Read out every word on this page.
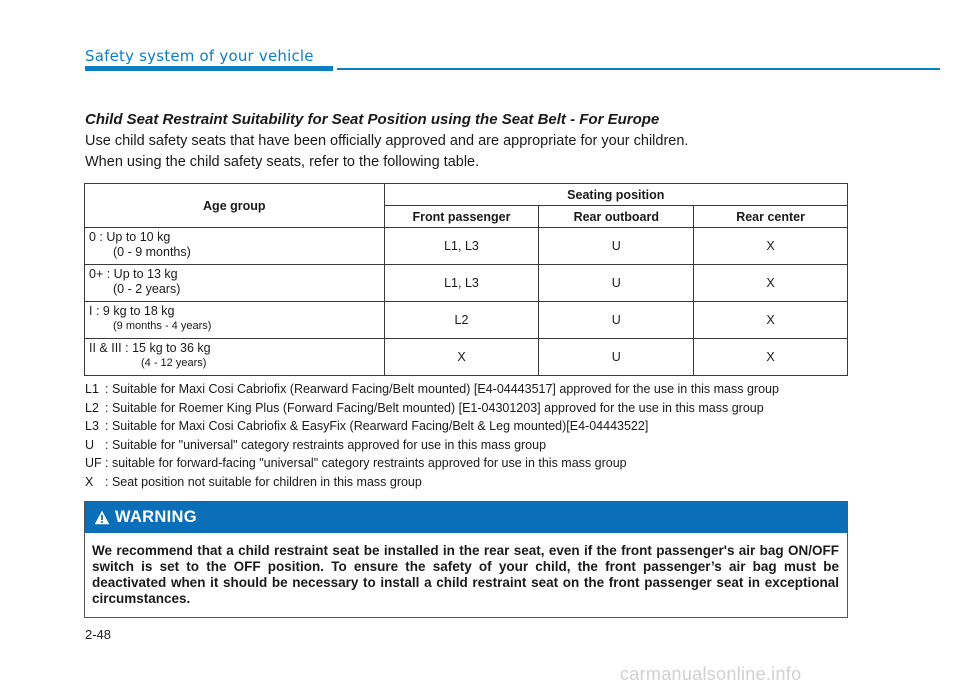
Safety system of your vehicle
Child Seat Restraint Suitability for Seat Position using the Seat Belt - For Europe
Use child safety seats that have been officially approved and are appropriate for your children.
When using the child safety seats, refer to the following table.
Age group	Seating position		
	Front passenger	Rear outboard	Rear center
0 : Up to 10 kg
(0 - 9 months)	L1, L3	U	X
0+ : Up to 13 kg
(0 - 2 years)	L1, L3	U	X
I : 9 kg to 18 kg
(9 months - 4 years)	L2	U	X
II & III : 15 kg to 36 kg
(4 - 12 years)	X	U	X
L1 : Suitable for Maxi Cosi Cabriofix (Rearward Facing/Belt mounted) [E4-04443517] approved for the use in this mass group
L2 : Suitable for Roemer King Plus (Forward Facing/Belt mounted) [E1-04301203] approved for the use in this mass group
L3 : Suitable for Maxi Cosi Cabriofix & EasyFix (Rearward Facing/Belt & Leg mounted)[E4-04443522]
U : Suitable for "universal" category restraints approved for use in this mass group
UF : suitable for forward-facing "universal" category restraints approved for use in this mass group
X : Seat position not suitable for children in this mass group
WARNING
We recommend that a child restraint seat be installed in the rear seat, even if the front passenger's air bag ON/OFF switch is set to the OFF position. To ensure the safety of your child, the front passenger’s air bag must be deactivated when it should be necessary to install a child restraint seat on the front passenger seat in exceptional circumstances.
2-48
carmanualsonline.info
